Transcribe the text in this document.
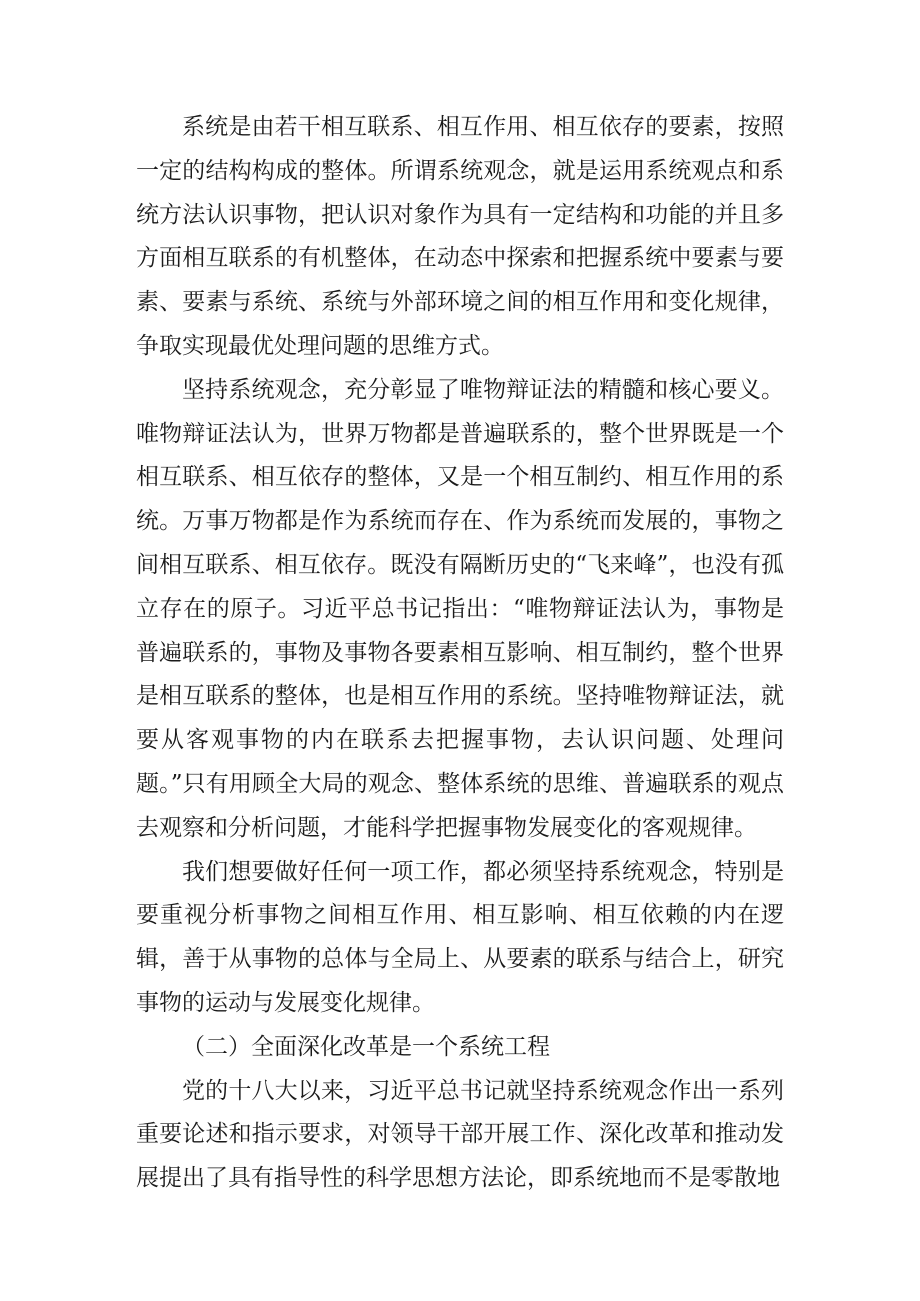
系统是由若干相互联系、相互作用、相互依存的要素，按照一定的结构构成的整体。所谓系统观念，就是运用系统观点和系统方法认识事物，把认识对象作为具有一定结构和功能的并且多方面相互联系的有机整体，在动态中探索和把握系统中要素与要素、要素与系统、系统与外部环境之间的相互作用和变化规律，争取实现最优处理问题的思维方式。

坚持系统观念，充分彰显了唯物辩证法的精髓和核心要义。唯物辩证法认为，世界万物都是普遍联系的，整个世界既是一个相互联系、相互依存的整体，又是一个相互制约、相互作用的系统。万事万物都是作为系统而存在、作为系统而发展的，事物之间相互联系、相互依存。既没有隔断历史的“飞来峰”，也没有孤立存在的原子。习近平总书记指出：“唯物辩证法认为，事物是普遍联系的，事物及事物各要素相互影响、相互制约，整个世界是相互联系的整体，也是相互作用的系统。坚持唯物辩证法，就要从客观事物的内在联系去把握事物，去认识问题、处理问题。”只有用顾全大局的观念、整体系统的思维、普遍联系的观点去观察和分析问题，才能科学把握事物发展变化的客观规律。

我们想要做好任何一项工作，都必须坚持系统观念，特别是要重视分析事物之间相互作用、相互影响、相互依赖的内在逻辑，善于从事物的总体与全局上、从要素的联系与结合上，研究事物的运动与发展变化规律。

（二）全面深化改革是一个系统工程

党的十八大以来，习近平总书记就坚持系统观念作出一系列重要论述和指示要求，对领导干部开展工作、深化改革和推动发展提出了具有指导性的科学思想方法论，即系统地而不是零散地
